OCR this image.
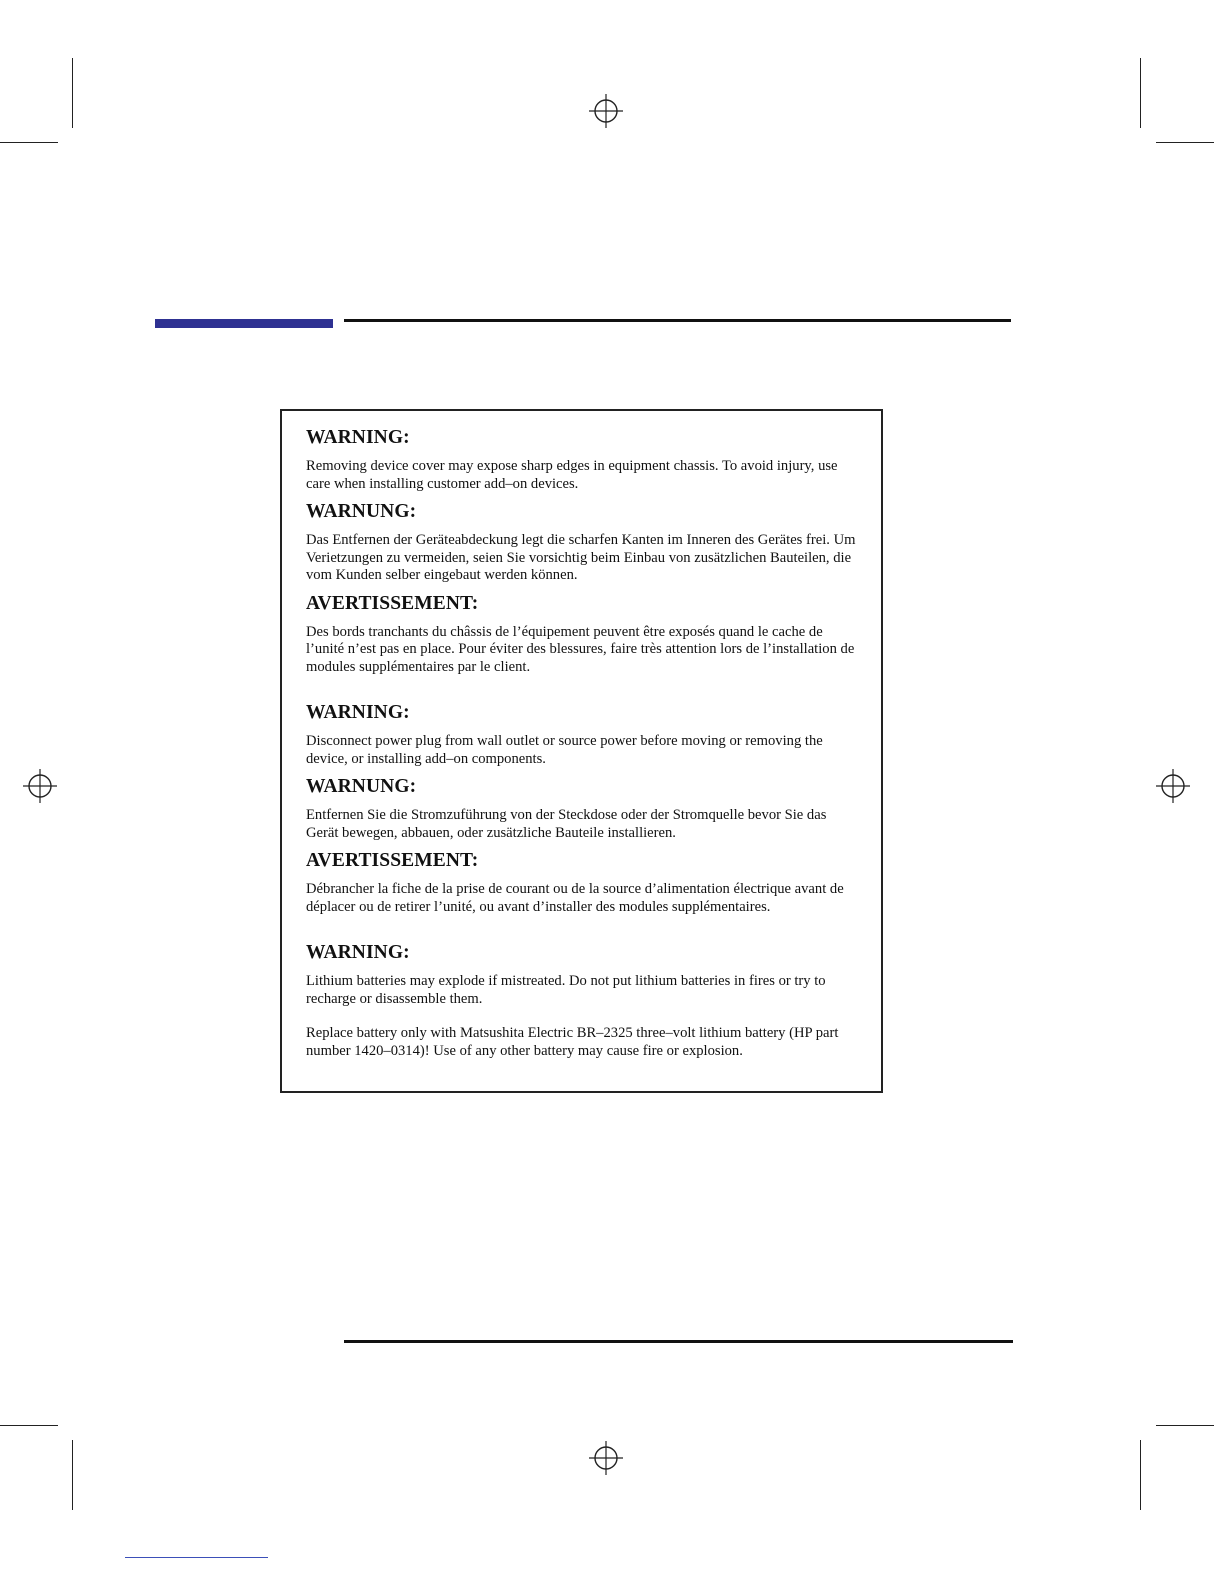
WARNING:

Removing device cover may expose sharp edges in equipment chassis. To avoid injury, use care when installing customer add–on devices.

WARNUNG:

Das Entfernen der Geräteabdeckung legt die scharfen Kanten im Inneren des Gerätes frei. Um Verietzungen zu vermeiden, seien Sie vorsichtig beim Einbau von zusätzlichen Bauteilen, die vom Kunden selber eingebaut werden können.

AVERTISSEMENT:

Des bords tranchants du châssis de l’équipement peuvent être exposés quand le cache de l’unité n’est pas en place. Pour éviter des blessures, faire très attention lors de l’installation de modules supplémentaires par le client.

WARNING:

Disconnect power plug from wall outlet or source power before moving or removing the device, or installing add–on components.

WARNUNG:

Entfernen Sie die Stromzuführung von der Steckdose oder der Stromquelle bevor Sie das Gerät bewegen, abbauen, oder zusätzliche Bauteile installieren.

AVERTISSEMENT:

Débrancher la fiche de la prise de courant ou de la source d’alimentation électrique avant de déplacer ou de retirer l’unité, ou avant d’installer des modules supplémentaires.

WARNING:

Lithium batteries may explode if mistreated. Do not put lithium batteries in fires or try to recharge or disassemble them.

Replace battery only with Matsushita Electric BR–2325 three–volt lithium battery (HP part number 1420–0314)! Use of any other battery may cause fire or explosion.
